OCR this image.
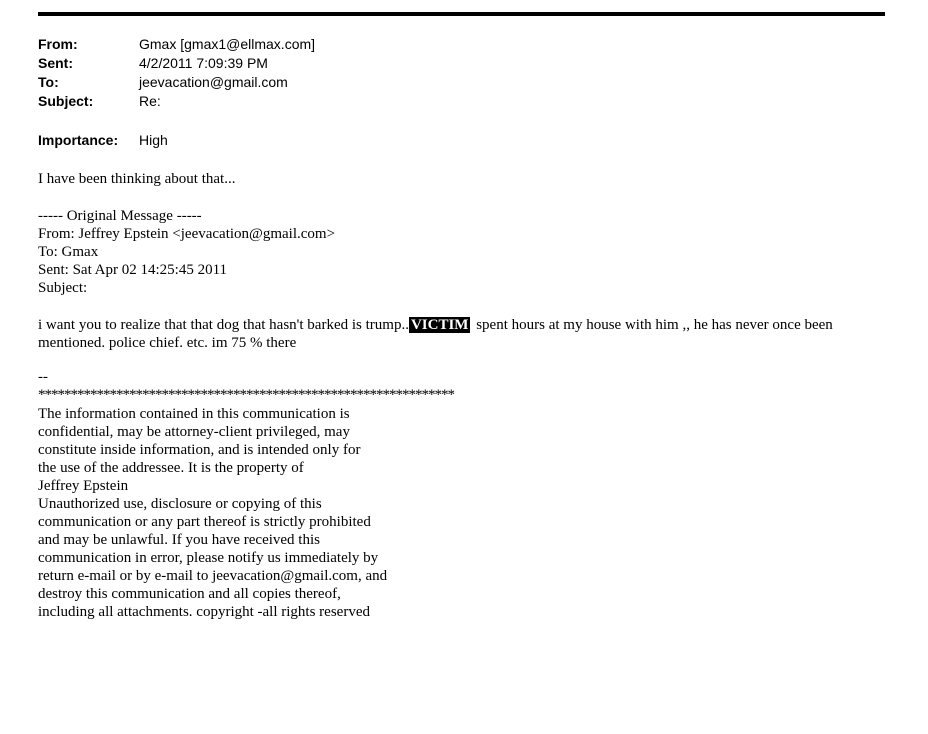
From:	Gmax [gmax1@ellmax.com]
Sent:	4/2/2011 7:09:39 PM
To:	jeevacation@gmail.com
Subject:	Re:
Importance: High
I have been thinking about that...
----- Original Message -----
From: Jeffrey Epstein <jeevacation@gmail.com>
To: Gmax
Sent: Sat Apr 02 14:25:45 2011
Subject:
i want you to realize that that dog that hasn't barked is trump.. VICTIM spent hours at my house with him ,, he has never once been
mentioned. police chief. etc. im 75 % there
--
****************************************************************

The information contained in this communication is

confidential, may be attorney-client privileged, may

constitute inside information, and is intended only for

the use of the addressee. It is the property of

Jeffrey Epstein

Unauthorized use, disclosure or copying of this

communication or any part thereof is strictly prohibited

and may be unlawful. If you have received this

communication in error, please notify us immediately by

return e-mail or by e-mail to jeevacation@gmail.com, and

destroy this communication and all copies thereof,

including all attachments. copyright -all rights reserved
